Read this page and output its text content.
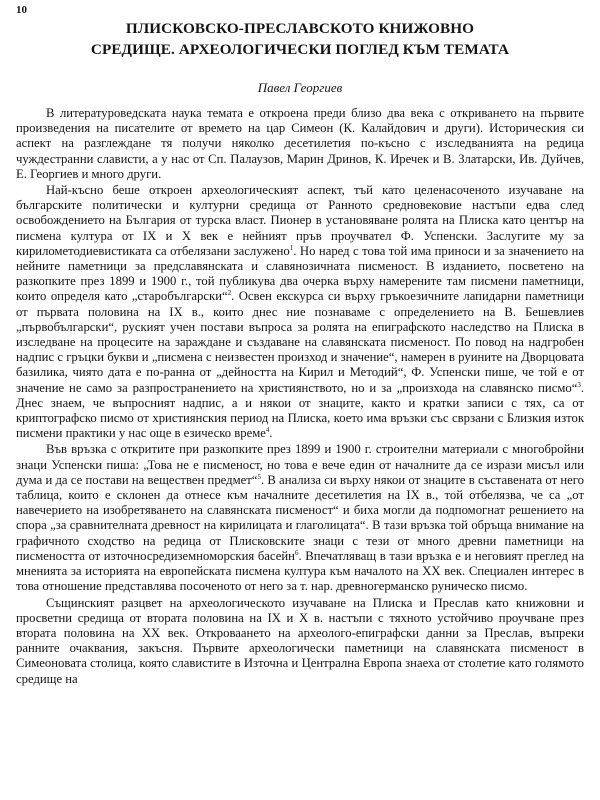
10
ПЛИСКОВСКО-ПРЕСЛАВСКОТО КНИЖОВНО
СРЕДИЩЕ. АРХЕОЛОГИЧЕСКИ ПОГЛЕД КЪМ ТЕМАТА
Павел Георгиев

В литературоведската наука темата е откроена преди близо два века с откриването на първите произведения на писателите от времето на цар Симеон (К. Калайдович и други). Историческия си аспект на разглеждане тя получи няколко десетилетия по-късно с изследванията на редица чуждестранни слависти, а у нас от Сп. Палаузов, Марин Дринов, К. Иречек и В. Златарски, Ив. Дуйчев, Е. Георгиев и много други.

Най-късно беше откроен археологическият аспект, тъй като целенасоченото изучаване на българските политически и културни средища от Ранното средновековие настъпи едва след освобождението на България от турска власт. Пионер в установяване ролята на Плиска като център на писмена култура от IX и X век е нейният пръв проучвател Ф. Успенски. Заслугите му за кирилометодиевистиката са отбелязани заслужено$^1$. Но наред с това той има приноси и за значението на нейните паметници за предславянската и славянозичната писменост. В изданието, посветено на разкопките през 1899 и 1900 г., той публикува два очерка върху намерените там писмени паметници, които определя като „старобългарски“$^2$. Освен екскурса си върху гръкоезичните лапидарни паметници от първата половина на IX в., които днес ние познаваме с определението на В. Бешевлиев „първобългарски“, руският учен постави въпроса за ролята на епиграфското наследство на Плиска в изследване на процесите на зараждане и създаване на славянската писменост. По повод на надгробен надпис с гръцки букви и „писмена с неизвестен произход и значение“, намерен в руините на Дворцовата базилика, чиято дата е по-ранна от „дейността на Кирил и Методий“, Ф. Успенски пише, че той е от значение не само за разпространението на християнството, но и за „произхода на славянско писмо“$^3$. Днес знаем, че въпросният надпис, а и някои от знаците, както и кратки записи с тях, са от криптографско писмо от християнския период на Плиска, което има връзки със сврзани с Близкия изток писмени практики у нас още в езическо време$^4$.

Във връзка с откритите при разкопките през 1899 и 1900 г. строителни материали с многобройни знаци Успенски пиша: „Това не е писменост, но това е вече един от началните да се изрази мисъл или дума и да се постави на веществен предмет“$^5$. В анализа си върху някои от знаците в съставената от него таблица, които е склонен да отнесе към началните десетилетия на IX в., той отбелязва, че са „от навечерието на изобретяването на славянската писменост“ и биха могли да подпомогнат решението на спора „за сравнителната древност на кирилицата и глаголицата“. В тази връзка той обръща внимание на графичното сходство на редица от Плисковските знаци с тези от много древни паметници на писмеността от източносредиземноморския басейн$^6$. Впечатляващ в тази връзка е и неговият преглед на мненията за историята на европейската писмена култура към началото на XX век. Специален интерес в това отношение представлява посоченото от него за т. нар. древногерманско руническо писмо.

Същинският разцвет на археологическото изучаване на Плиска и Преслав като книжовни и просветни средища от втората половина на IX и X в. настъпи с тяхното устойчиво проучване през втората половина на XX век. Откроваането на археолого-епиграфски данни за Преслав, въпреки ранните очаквания, закъсня. Първите археологически паметници на славянската писменост в Симеоновата столица, която славистите в Източна и Централна Европа знаеха от столетие като голямото средище на
